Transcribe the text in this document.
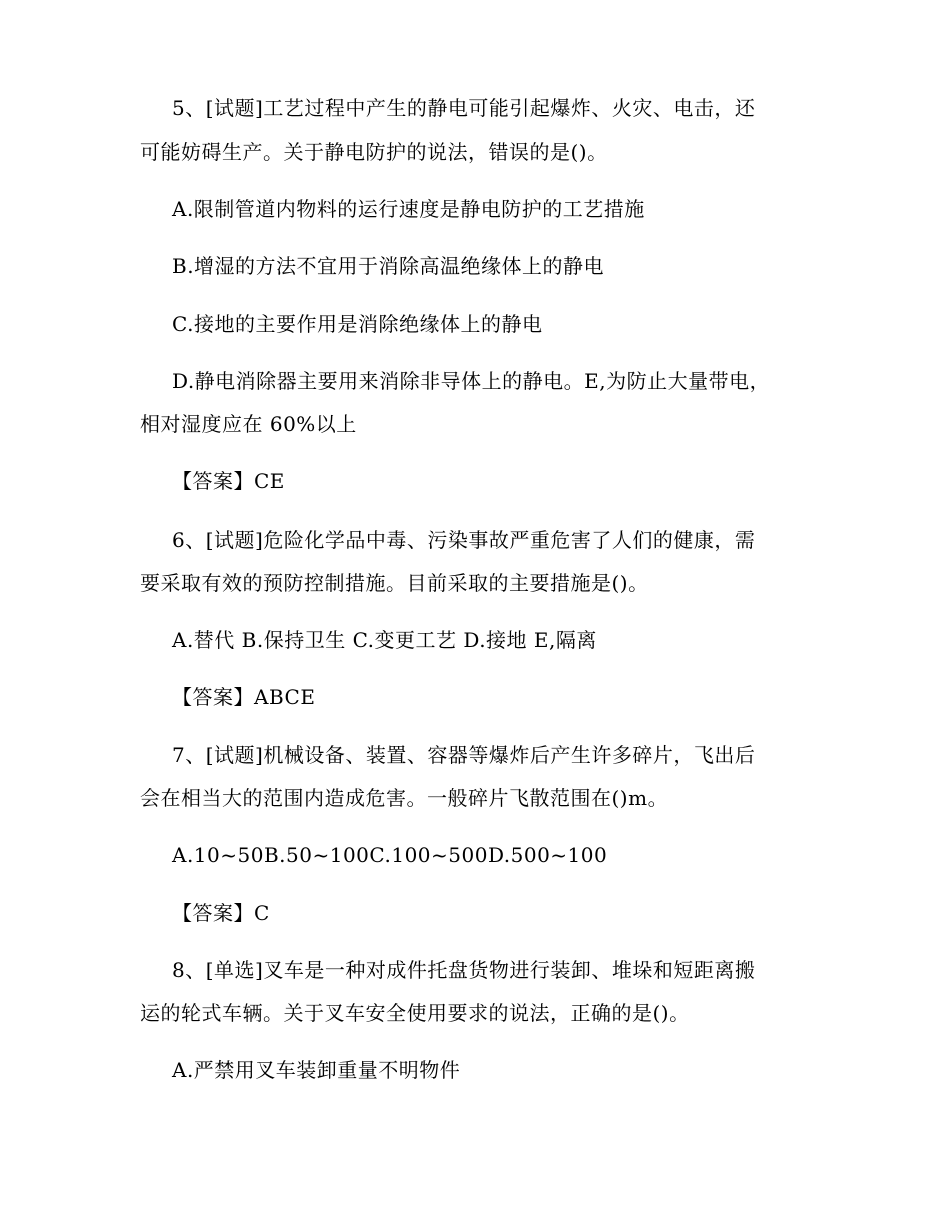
5、[试题]工艺过程中产生的静电可能引起爆炸、火灾、电击，还
可能妨碍生产。关于静电防护的说法，错误的是()。
A.限制管道内物料的运行速度是静电防护的工艺措施
B.增湿的方法不宜用于消除高温绝缘体上的静电
C.接地的主要作用是消除绝缘体上的静电
D.静电消除器主要用来消除非导体上的静电。E,为防止大量带电，
相对湿度应在 60%以上
【答案】CE
6、[试题]危险化学品中毒、污染事故严重危害了人们的健康，需
要采取有效的预防控制措施。目前采取的主要措施是()。
A.替代 B.保持卫生 C.变更工艺 D.接地 E,隔离
【答案】ABCE
7、[试题]机械设备、装置、容器等爆炸后产生许多碎片，飞出后
会在相当大的范围内造成危害。一般碎片飞散范围在()m。
A.10~50B.50~100C.100~500D.500~100
【答案】C
8、[单选]叉车是一种对成件托盘货物进行装卸、堆垛和短距离搬
运的轮式车辆。关于叉车安全使用要求的说法，正确的是()。
A.严禁用叉车装卸重量不明物件
